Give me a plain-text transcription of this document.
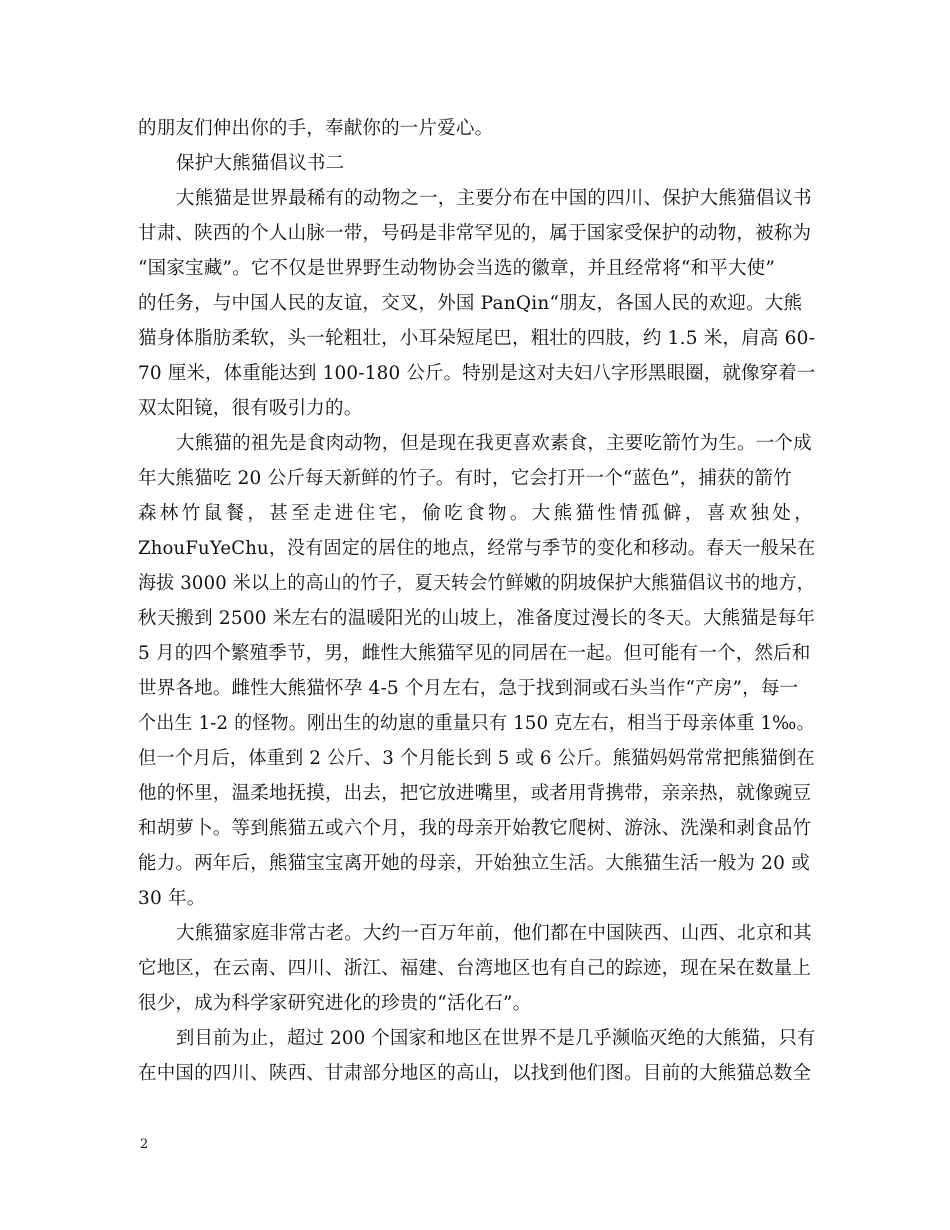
的朋友们伸出你的手，奉献你的一片爱心。
保护大熊猫倡议书二
大熊猫是世界最稀有的动物之一，主要分布在中国的四川、保护大熊猫倡议书
甘肃、陕西的个人山脉一带，号码是非常罕见的，属于国家受保护的动物，被称为
“国家宝藏”。它不仅是世界野生动物协会当选的徽章，并且经常将“和平大使”
的任务，与中国人民的友谊，交叉，外国 PanQin“朋友，各国人民的欢迎。大熊
猫身体脂肪柔软，头一轮粗壮，小耳朵短尾巴，粗壮的四肢，约 1.5 米，肩高 60-
70 厘米，体重能达到 100-180 公斤。特别是这对夫妇八字形黑眼圈，就像穿着一
双太阳镜，很有吸引力的。
大熊猫的祖先是食肉动物，但是现在我更喜欢素食，主要吃箭竹为生。一个成
年大熊猫吃 20 公斤每天新鲜的竹子。有时，它会打开一个“蓝色”，捕获的箭竹
森林竹鼠餐，甚至走进住宅，偷吃食物。大熊猫性情孤僻，喜欢独处，
ZhouFuYeChu，没有固定的居住的地点，经常与季节的变化和移动。春天一般呆在
海拔 3000 米以上的高山的竹子，夏天转会竹鲜嫩的阴坡保护大熊猫倡议书的地方，
秋天搬到 2500 米左右的温暖阳光的山坡上，准备度过漫长的冬天。大熊猫是每年
5 月的四个繁殖季节，男，雌性大熊猫罕见的同居在一起。但可能有一个，然后和
世界各地。雌性大熊猫怀孕 4-5 个月左右，急于找到洞或石头当作“产房”，每一
个出生 1-2 的怪物。刚出生的幼崽的重量只有 150 克左右，相当于母亲体重 1‰。
但一个月后，体重到 2 公斤、3 个月能长到 5 或 6 公斤。熊猫妈妈常常把熊猫倒在
他的怀里，温柔地抚摸，出去，把它放进嘴里，或者用背携带，亲亲热，就像豌豆
和胡萝卜。等到熊猫五或六个月，我的母亲开始教它爬树、游泳、洗澡和剥食品竹
能力。两年后，熊猫宝宝离开她的母亲，开始独立生活。大熊猫生活一般为 20 或
30 年。
大熊猫家庭非常古老。大约一百万年前，他们都在中国陕西、山西、北京和其
它地区，在云南、四川、浙江、福建、台湾地区也有自己的踪迹，现在呆在数量上
很少，成为科学家研究进化的珍贵的“活化石”。
到目前为止，超过 200 个国家和地区在世界不是几乎濒临灭绝的大熊猫，只有
在中国的四川、陕西、甘肃部分地区的高山，以找到他们图。目前的大熊猫总数全
2
